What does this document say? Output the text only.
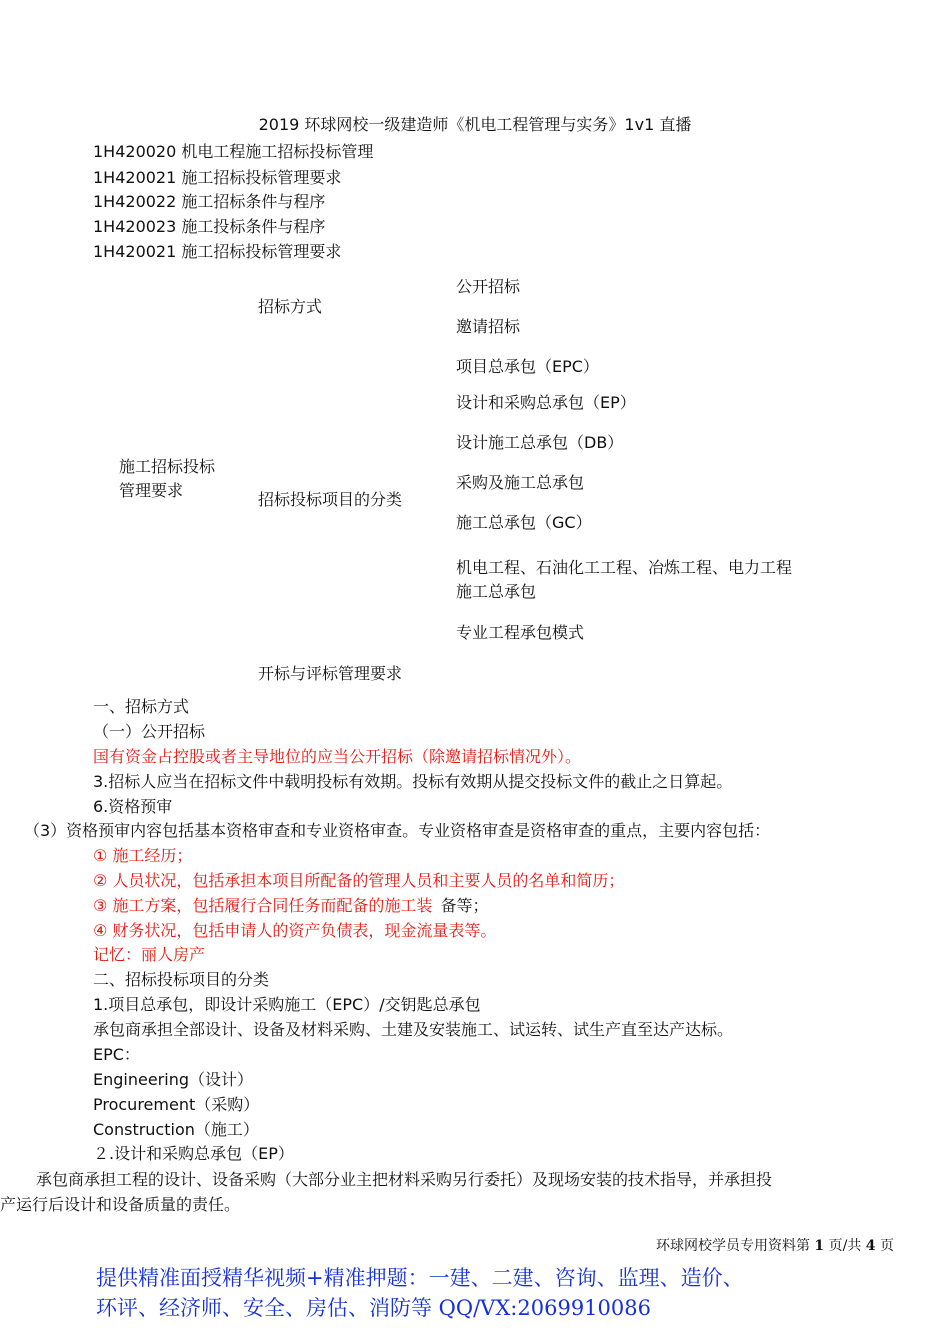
2019 环球网校一级建造师《机电工程管理与实务》1v1 直播
1H420020 机电工程施工招标投标管理
1H420021 施工招标投标管理要求
1H420022 施工招标条件与程序
1H420023 施工投标条件与程序
1H420021 施工招标投标管理要求
施工招标投标
管理要求
招标方式
公开招标
邀请招标
招标投标项目的分类
项目总承包（EPC）
设计和采购总承包（EP）
设计施工总承包（DB）
采购及施工总承包
施工总承包（GC）
机电工程、石油化工工程、冶炼工程、电力工程
施工总承包
专业工程承包模式
开标与评标管理要求
一、招标方式
（一）公开招标
国有资金占控股或者主导地位的应当公开招标（除邀请招标情况外）。
3.招标人应当在招标文件中载明投标有效期。投标有效期从提交投标文件的截止之日算起。
6.资格预审
（3）资格预审内容包括基本资格审查和专业资格审查。专业资格审查是资格审查的重点，主要内容包括：
① 施工经历；
② 人员状况，包括承担本项目所配备的管理人员和主要人员的名单和简历；
③ 施工方案，包括履行合同任务而配备的施工装 备等；
④ 财务状况，包括申请人的资产负债表，现金流量表等。
记忆：丽人房产
二、招标投标项目的分类
1.项目总承包，即设计采购施工（EPC）/交钥匙总承包
承包商承担全部设计、设备及材料采购、土建及安装施工、试运转、试生产直至达产达标。
EPC：
Engineering（设计）
Procurement（采购）
Construction（施工）
２.设计和采购总承包（EP）
承包商承担工程的设计、设备采购（大部分业主把材料采购另行委托）及现场安装的技术指导，并承担投
产运行后设计和设备质量的责任。
环球网校学员专用资料第 1 页/共 4 页
提供精准面授精华视频+精准押题：一建、二建、咨询、监理、造价、
环评、经济师、安全、房估、消防等 QQ/VX:2069910086
